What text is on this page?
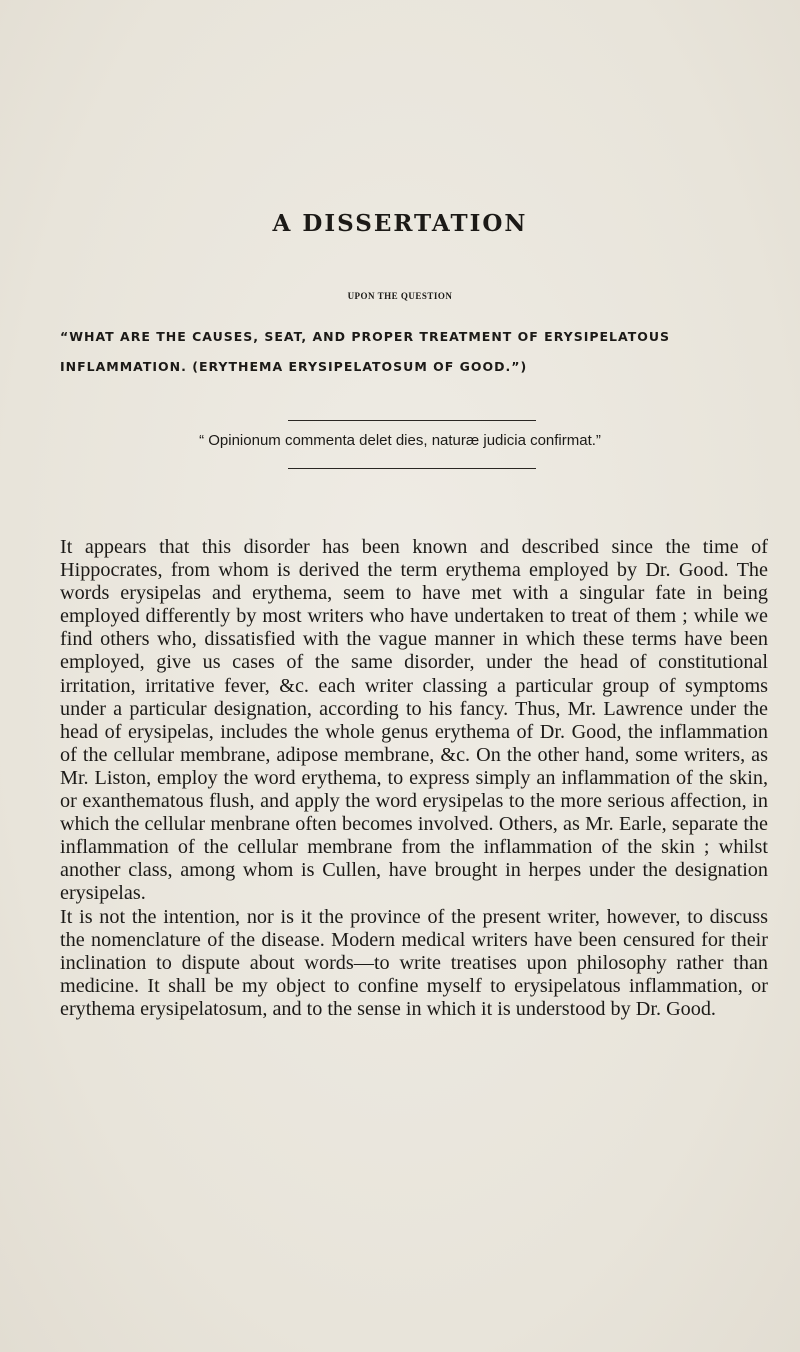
A DISSERTATION
UPON THE QUESTION
“WHAT ARE THE CAUSES, SEAT, AND PROPER TREATMENT OF ERYSIPELATOUS INFLAMMATION. (ERYTHEMA ERYSIPELATOSUM OF GOOD.”)
“ Opinionum commenta delet dies, naturæ judicia confirmat.”

It appears that this disorder has been known and described since the time of Hippocrates, from whom is derived the term erythema employed by Dr. Good. The words erysipelas and erythema, seem to have met with a singular fate in being employed differently by most writers who have undertaken to treat of them ; while we find others who, dissatisfied with the vague manner in which these terms have been employed, give us cases of the same disorder, under the head of constitutional irritation, irritative fever, &c. each writer classing a particular group of symptoms under a particular designation, according to his fancy. Thus, Mr. Lawrence under the head of erysipelas, includes the whole genus erythema of Dr. Good, the inflammation of the cellular membrane, adipose membrane, &c. On the other hand, some writers, as Mr. Liston, employ the word erythema, to express simply an inflammation of the skin, or exanthematous flush, and apply the word erysipelas to the more serious affection, in which the cellular menbrane often becomes involved. Others, as Mr. Earle, separate the inflammation of the cellular membrane from the inflammation of the skin ; whilst another class, among whom is Cullen, have brought in herpes under the designation erysipelas.

It is not the intention, nor is it the province of the present writer, however, to discuss the nomenclature of the disease. Modern medical writers have been censured for their inclination to dispute about words—to write treatises upon philosophy rather than medicine. It shall be my object to confine myself to erysipelatous inflammation, or erythema erysipelatosum, and to the sense in which it is understood by Dr. Good.
